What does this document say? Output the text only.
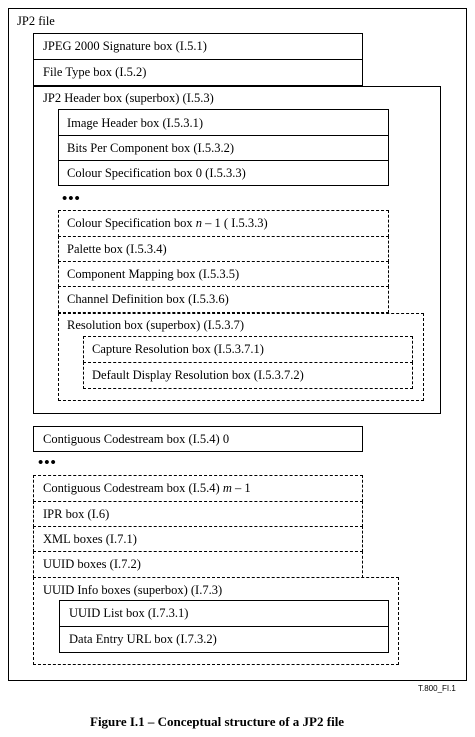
JP2 file
JPEG 2000 Signature box (I.5.1)
File Type box (I.5.2)
JP2 Header box (superbox) (I.5.3)
Image Header box (I.5.3.1)
Bits Per Component box (I.5.3.2)
Colour Specification box 0 (I.5.3.3)
•••
Colour Specification box n – 1 ( I.5.3.3)
Palette box (I.5.3.4)
Component Mapping box (I.5.3.5)
Channel Definition box (I.5.3.6)
Resolution box (superbox) (I.5.3.7)
Capture Resolution box (I.5.3.7.1)
Default Display Resolution box (I.5.3.7.2)
Contiguous Codestream box (I.5.4) 0
•••
Contiguous Codestream box (I.5.4) m – 1
IPR box (I.6)
XML boxes (I.7.1)
UUID boxes (I.7.2)
UUID Info boxes (superbox) (I.7.3)
UUID List box (I.7.3.1)
Data Entry URL box (I.7.3.2)
T.800_FI.1
Figure I.1 – Conceptual structure of a JP2 file
